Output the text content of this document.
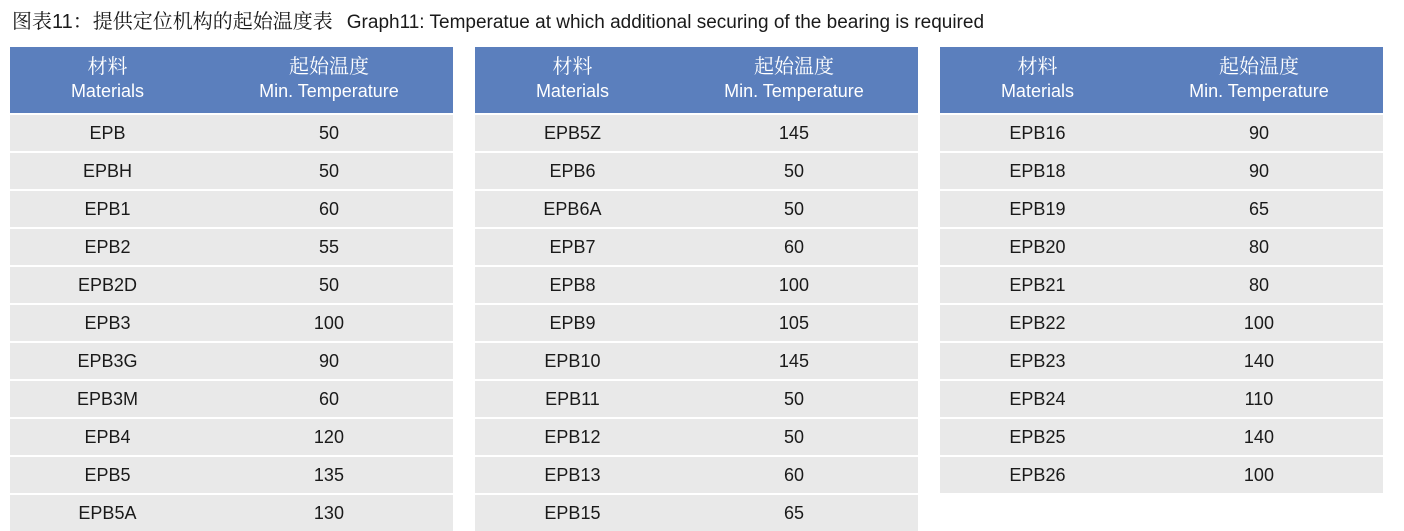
图表11：提供定位机构的起始温度表 Graph11: Temperatue at which additional securing of the bearing is required
材料
Materials	起始温度
Min. Temperature

EPB	50
EPBH	50
EPB1	60
EPB2	55
EPB2D	50
EPB3	100
EPB3G	90
EPB3M	60
EPB4	120
EPB5	135
EPB5A	130
材料
Materials	起始温度
Min. Temperature

EPB5Z	145
EPB6	50
EPB6A	50
EPB7	60
EPB8	100
EPB9	105
EPB10	145
EPB11	50
EPB12	50
EPB13	60
EPB15	65
材料
Materials	起始温度
Min. Temperature

EPB16	90
EPB18	90
EPB19	65
EPB20	80
EPB21	80
EPB22	100
EPB23	140
EPB24	110
EPB25	140
EPB26	100
